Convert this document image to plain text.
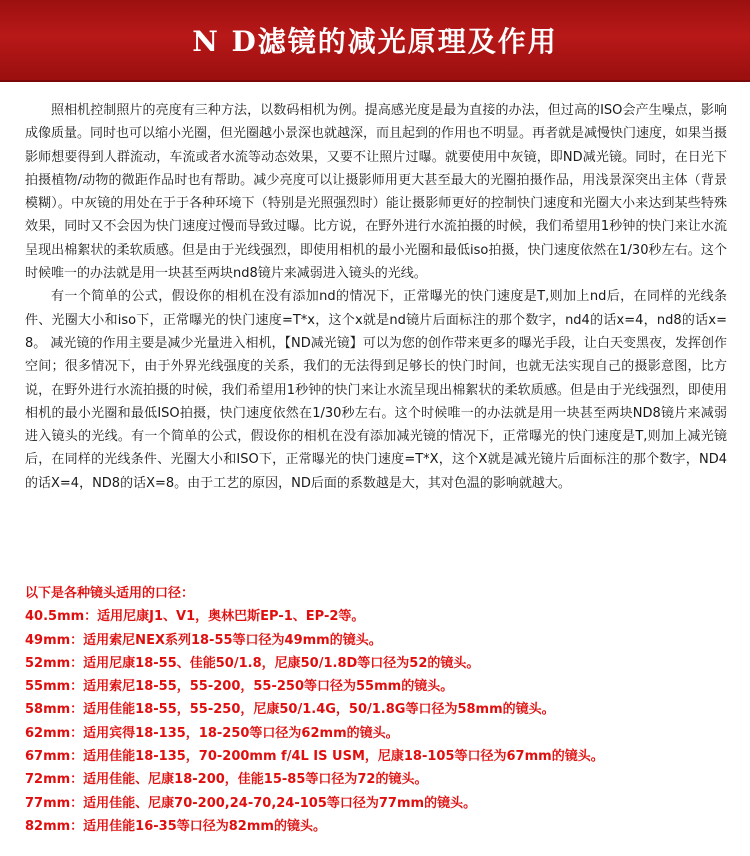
N D滤镜的减光原理及作用

照相机控制照片的亮度有三种方法，以数码相机为例。提高感光度是最为直接的办法，但过高的ISO会产生噪点，影响成像质量。同时也可以缩小光圈，但光圈越小景深也就越深，而且起到的作用也不明显。再者就是减慢快门速度，如果当摄影师想要得到人群流动，车流或者水流等动态效果，又要不让照片过曝。就要使用中灰镜，即ND减光镜。同时，在日光下拍摄植物/动物的微距作品时也有帮助。减少亮度可以让摄影师用更大甚至最大的光圈拍摄作品，用浅景深突出主体（背景模糊）。中灰镜的用处在于于各种环境下（特别是光照强烈时）能让摄影师更好的控制快门速度和光圈大小来达到某些特殊效果，同时又不会因为快门速度过慢而导致过曝。比方说，在野外进行水流拍摄的时候，我们希望用1秒钟的快门来让水流呈现出棉絮状的柔软质感。但是由于光线强烈，即使用相机的最小光圈和最低iso拍摄，快门速度依然在1/30秒左右。这个时候唯一的办法就是用一块甚至两块nd8镜片来减弱进入镜头的光线。

有一个简单的公式，假设你的相机在没有添加nd的情况下，正常曝光的快门速度是T,则加上nd后，在同样的光线条件、光圈大小和iso下，正常曝光的快门速度=T*x，这个x就是nd镜片后面标注的那个数字，nd4的话x=4，nd8的话x=8。 减光镜的作用主要是减少光量进入相机，【ND减光镜】可以为您的创作带来更多的曝光手段，让白天变黑夜，发挥创作空间；很多情况下，由于外界光线强度的关系，我们的无法得到足够长的快门时间，也就无法实现自己的摄影意图，比方说，在野外进行水流拍摄的时候，我们希望用1秒钟的快门来让水流呈现出棉絮状的柔软质感。但是由于光线强烈，即使用相机的最小光圈和最低ISO拍摄，快门速度依然在1/30秒左右。这个时候唯一的办法就是用一块甚至两块ND8镜片来减弱进入镜头的光线。有一个简单的公式，假设你的相机在没有添加减光镜的情况下，正常曝光的快门速度是T,则加上减光镜后，在同样的光线条件、光圈大小和ISO下，正常曝光的快门速度=T*X，这个X就是减光镜片后面标注的那个数字，ND4的话X=4，ND8的话X=8。由于工艺的原因，ND后面的系数越是大，其对色温的影响就越大。

以下是各种镜头适用的口径：
40.5mm：适用尼康J1、V1，奥林巴斯EP-1、EP-2等。
49mm：适用索尼NEX系列18-55等口径为49mm的镜头。
52mm：适用尼康18-55、佳能50/1.8，尼康50/1.8D等口径为52的镜头。
55mm：适用索尼18-55，55-200，55-250等口径为55mm的镜头。
58mm：适用佳能18-55，55-250，尼康50/1.4G，50/1.8G等口径为58mm的镜头。
62mm：适用宾得18-135，18-250等口径为62mm的镜头。
67mm：适用佳能18-135，70-200mm f/4L IS USM，尼康18-105等口径为67mm的镜头。
72mm：适用佳能、尼康18-200，佳能15-85等口径为72的镜头。
77mm：适用佳能、尼康70-200,24-70,24-105等口径为77mm的镜头。
82mm：适用佳能16-35等口径为82mm的镜头。
